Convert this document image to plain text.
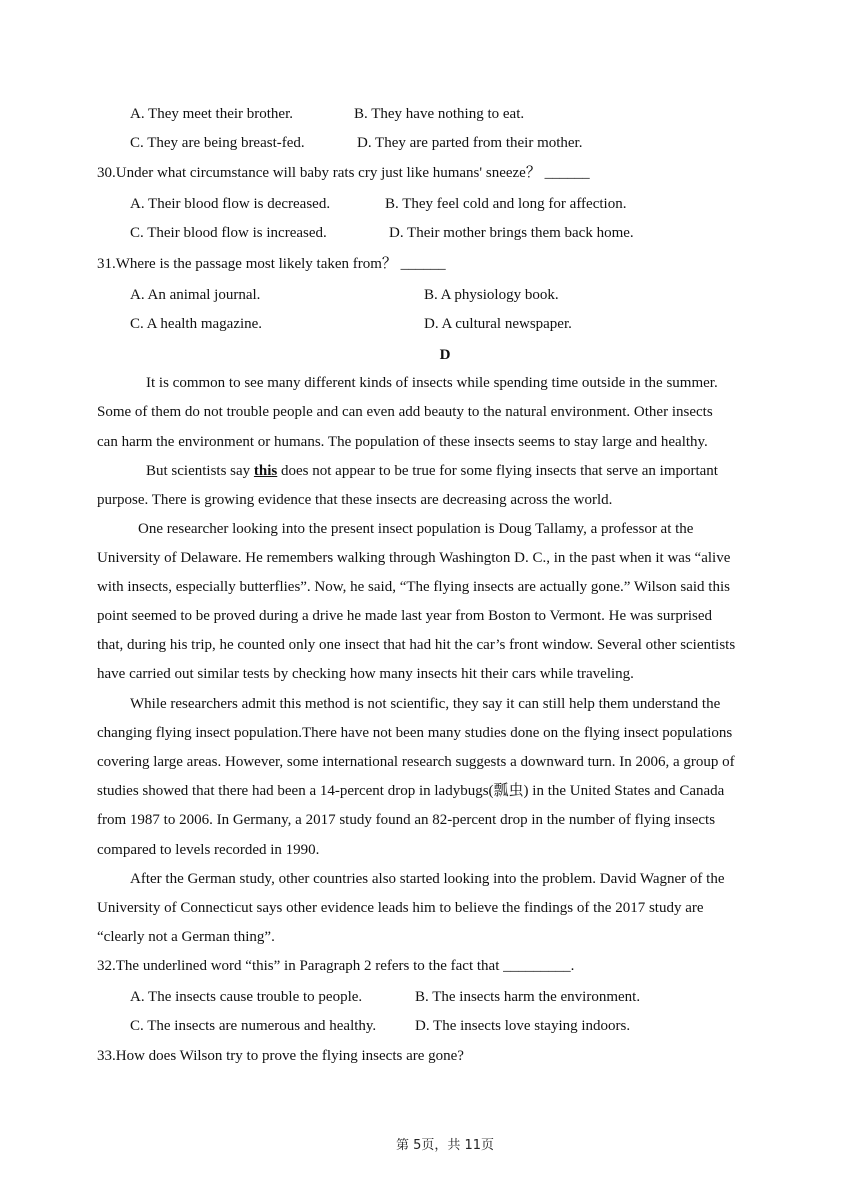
A. They meet their brother.	B. They have nothing to eat.
C. They are being breast-fed.	D. They are parted from their mother.
30.Under what circumstance will baby rats cry just like humans' sneeze？ ______
A. Their blood flow is decreased.	B. They feel cold and long for affection.
C. Their blood flow is increased.	D. Their mother brings them back home.
31.Where is the passage most likely taken from？ ______
A. An animal journal.	B. A physiology book.
C. A health magazine.	D. A cultural newspaper.
D
It is common to see many different kinds of insects while spending time outside in the summer.
Some of them do not trouble people and can even add beauty to the natural environment. Other insects
can harm the environment or humans. The population of these insects seems to stay large and healthy.
But scientists say this does not appear to be true for some flying insects that serve an important
purpose. There is growing evidence that these insects are decreasing across the world.
One researcher looking into the present insect population is Doug Tallamy, a professor at the
University of Delaware. He remembers walking through Washington D. C., in the past when it was “alive
with insects, especially butterflies”. Now, he said, “The flying insects are actually gone.” Wilson said this
point seemed to be proved during a drive he made last year from Boston to Vermont. He was surprised
that, during his trip, he counted only one insect that had hit the car’s front window. Several other scientists
have carried out similar tests by checking how many insects hit their cars while traveling.
While researchers admit this method is not scientific, they say it can still help them understand the
changing flying insect population.There have not been many studies done on the flying insect populations
covering large areas. However, some international research suggests a downward turn. In 2006, a group of
studies showed that there had been a 14-percent drop in ladybugs(瓢虫) in the United States and Canada
from 1987 to 2006. In Germany, a 2017 study found an 82-percent drop in the number of flying insects
compared to levels recorded in 1990.
After the German study, other countries also started looking into the problem. David Wagner of the
University of Connecticut says other evidence leads him to believe the findings of the 2017 study are
“clearly not a German thing”.
32.The underlined word “this” in Paragraph 2 refers to the fact that _________.
A. The insects cause trouble to people.	B. The insects harm the environment.
C. The insects are numerous and healthy.	D. The insects love staying indoors.
33.How does Wilson try to prove the flying insects are gone?
第 5页，共 11页
